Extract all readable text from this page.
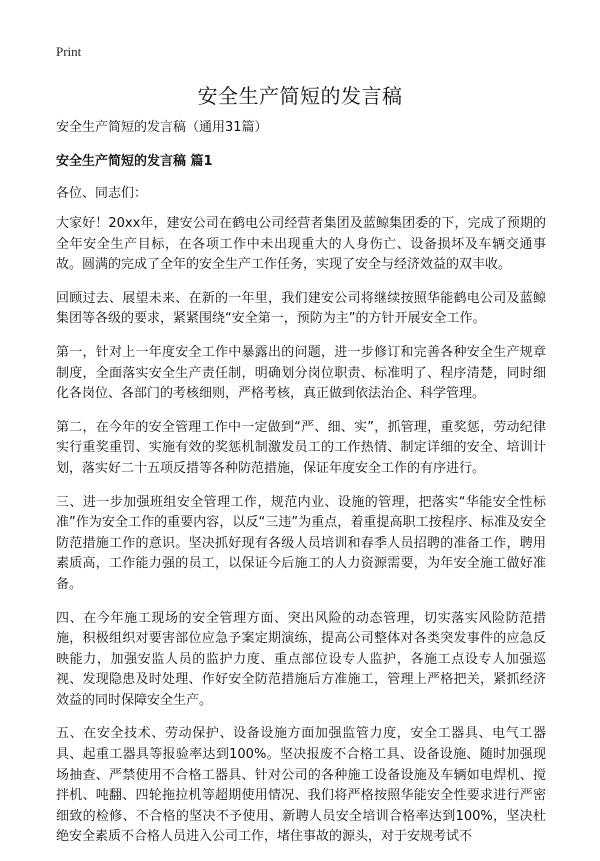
Print
安全生产简短的发言稿

安全生产简短的发言稿（通用31篇）

安全生产简短的发言稿 篇1

各位、同志们：

大家好！20xx年，建安公司在鹤电公司经营者集团及蓝鲸集团委的下，完成了预期的全年安全生产目标，在各项工作中未出现重大的人身伤亡、设备损坏及车辆交通事故。圆满的完成了全年的安全生产工作任务，实现了安全与经济效益的双丰收。

回顾过去、展望未来、在新的一年里，我们建安公司将继续按照华能鹤电公司及蓝鲸集团等各级的要求，紧紧围绕“安全第一，预防为主”的方针开展安全工作。

第一，针对上一年度安全工作中暴露出的问题，进一步修订和完善各种安全生产规章制度，全面落实安全生产责任制，明确划分岗位职责、标准明了、程序清楚，同时细化各岗位、各部门的考核细则，严格考核，真正做到依法治企、科学管理。

第二，在今年的安全管理工作中一定做到“严、细、实”，抓管理，重奖惩，劳动纪律实行重奖重罚、实施有效的奖惩机制激发员工的工作热情、制定详细的安全、培训计划，落实好二十五项反措等各种防范措施，保证年度安全工作的有序进行。

三、进一步加强班组安全管理工作，规范内业、设施的管理，把落实“华能安全性标准”作为安全工作的重要内容，以反“三违”为重点，着重提高职工按程序、标准及安全防范措施工作的意识。坚决抓好现有各级人员培训和春季人员招聘的准备工作，聘用素质高，工作能力强的员工，以保证今后施工的人力资源需要，为年安全施工做好准备。

四、在今年施工现场的安全管理方面、突出风险的动态管理，切实落实风险防范措施，积极组织对要害部位应急予案定期演练，提高公司整体对各类突发事件的应急反映能力，加强安监人员的监护力度、重点部位设专人监护，各施工点设专人加强巡视、发现隐患及时处理、作好安全防范措施后方准施工，管理上严格把关，紧抓经济效益的同时保障安全生产。

五、在安全技术、劳动保护、设备设施方面加强监管力度，安全工器具、电气工器具、起重工器具等报验率达到100%。坚决报废不合格工具、设备设施、随时加强现场抽查、严禁使用不合格工器具、针对公司的各种施工设备设施及车辆如电焊机、搅拌机、吨翻、四轮拖拉机等超期使用情况、我们将严格按照华能安全性要求进行严密细致的检修、不合格的坚决不予使用、新聘人员安全培训合格率达到100%，坚决杜绝安全素质不合格人员进入公司工作，堵住事故的源头，对于安规考试不
